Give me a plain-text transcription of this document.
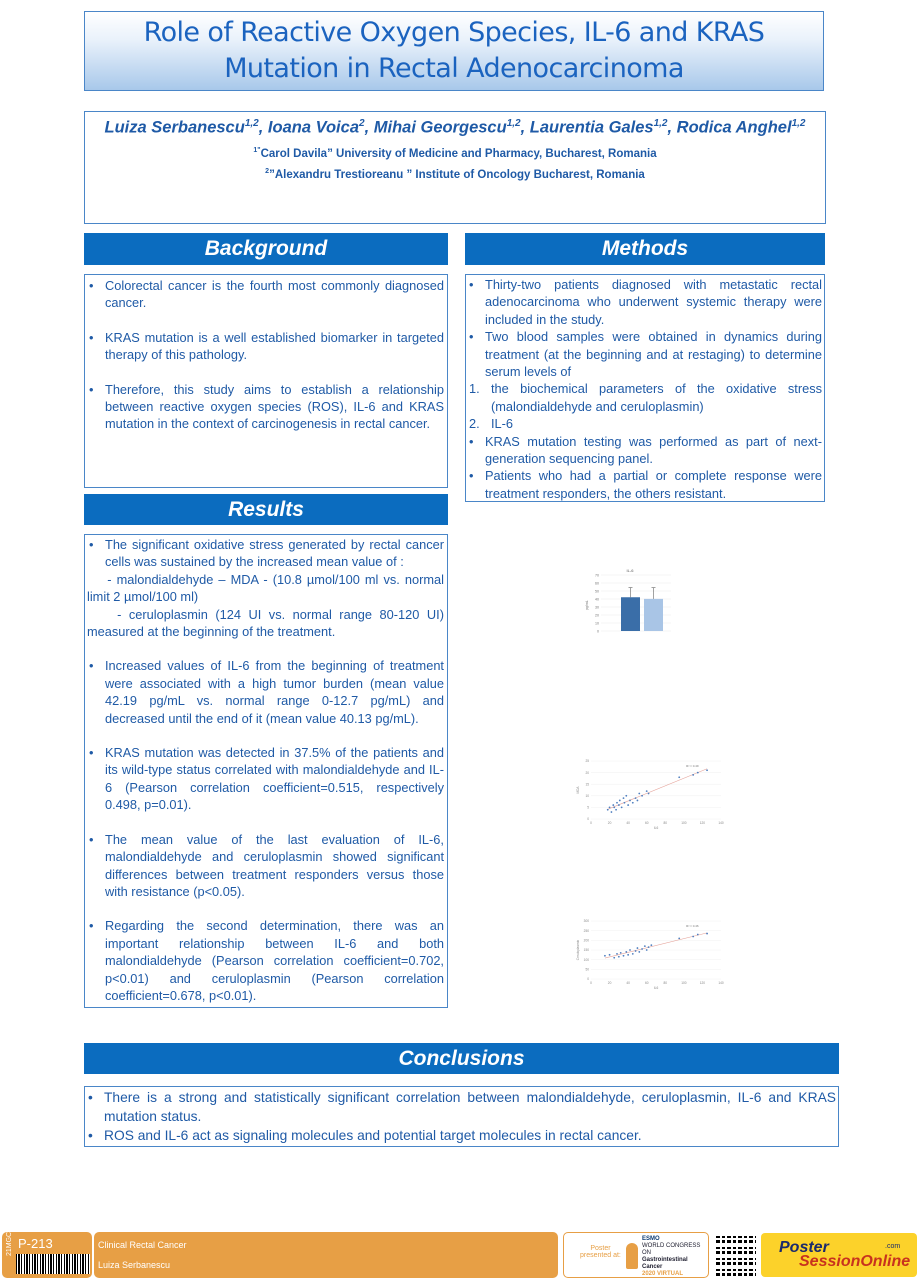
Role of Reactive Oxygen Species, IL-6 and KRAS
Mutation in Rectal Adenocarcinoma
Luiza Serbanescu$^{1,2}$, Ioana Voica$^2$, Mihai Georgescu$^{1,2}$, Laurentia Gales$^{1,2}$, Rodica Anghel$^{1,2}$
$^{1"}$Carol Davila” University of Medicine and Pharmacy, Bucharest, Romania
$^2$”Alexandru Trestioreanu ” Institute of Oncology Bucharest, Romania
Background
• Colorectal cancer is the fourth most commonly diagnosed cancer.
• KRAS mutation is a well established biomarker in targeted therapy of this pathology.
• Therefore, this study aims to establish a relationship between reactive oxygen species (ROS), IL-6 and KRAS mutation in the context of carcinogenesis in rectal cancer.
Methods
• Thirty-two patients diagnosed with metastatic rectal adenocarcinoma who underwent systemic therapy were included in the study.
• Two blood samples were obtained in dynamics during treatment (at the beginning and at restaging) to determine serum levels of
1. the biochemical parameters of the oxidative stress (malondialdehyde and ceruloplasmin)
2. IL-6
• KRAS mutation testing was performed as part of next-generation sequencing panel.
• Patients who had a partial or complete response were treatment responders, the others resistant.
Results
• The significant oxidative stress generated by rectal cancer cells was sustained by the increased mean value of :
- malondialdehyde – MDA - (10.8 µmol/100 ml vs. normal limit 2 µmol/100 ml)
- ceruloplasmin (124 UI vs. normal range 80-120 UI) measured at the beginning of the treatment.
• Increased values of IL-6 from the beginning of treatment were associated with a high tumor burden (mean value 42.19 pg/mL vs. normal range 0-12.7 pg/mL) and decreased until the end of it (mean value 40.13 pg/mL).
• KRAS mutation was detected in 37.5% of the patients and its wild-type status correlated with malondialdehyde and IL-6 (Pearson correlation coefficient=0.515, respectively 0.498, p=0.01).
• The mean value of the last evaluation of IL-6, malondialdehyde and ceruloplasmin showed significant differences between treatment responders versus those with resistance (p<0.05).
• Regarding the second determination, there was an important relationship between IL-6 and both malondialdehyde (Pearson correlation coefficient=0.702, p<0.01) and ceruloplasmin (Pearson correlation coefficient=0.678, p<0.01).
IL-6
0
10
20
30
40
50
60
70
pg/mL
0
5
10
15
20
25
0	20	40	60	80	100	120	140
IL6
MDA
R² = 0.49
0
50
100
150
200
250
300
0	20	40	60	80	100	120	140
IL6
Ceruloplasmin
R² = 0.46
Conclusions
• There is a strong and statistically significant correlation between malondialdehyde, ceruloplasmin, IL-6 and KRAS mutation status.
• ROS and IL-6 act as signaling molecules and potential target molecules in rectal cancer.
21MGCRC P-213	Clinical Rectal Cancer
Luiza Serbanescu
Poster
presented at:
ESMO
WORLD CONGRESS ON
Gastrointestinal
Cancer
2020 VIRTUAL
Poster
SessionOnline
.com
